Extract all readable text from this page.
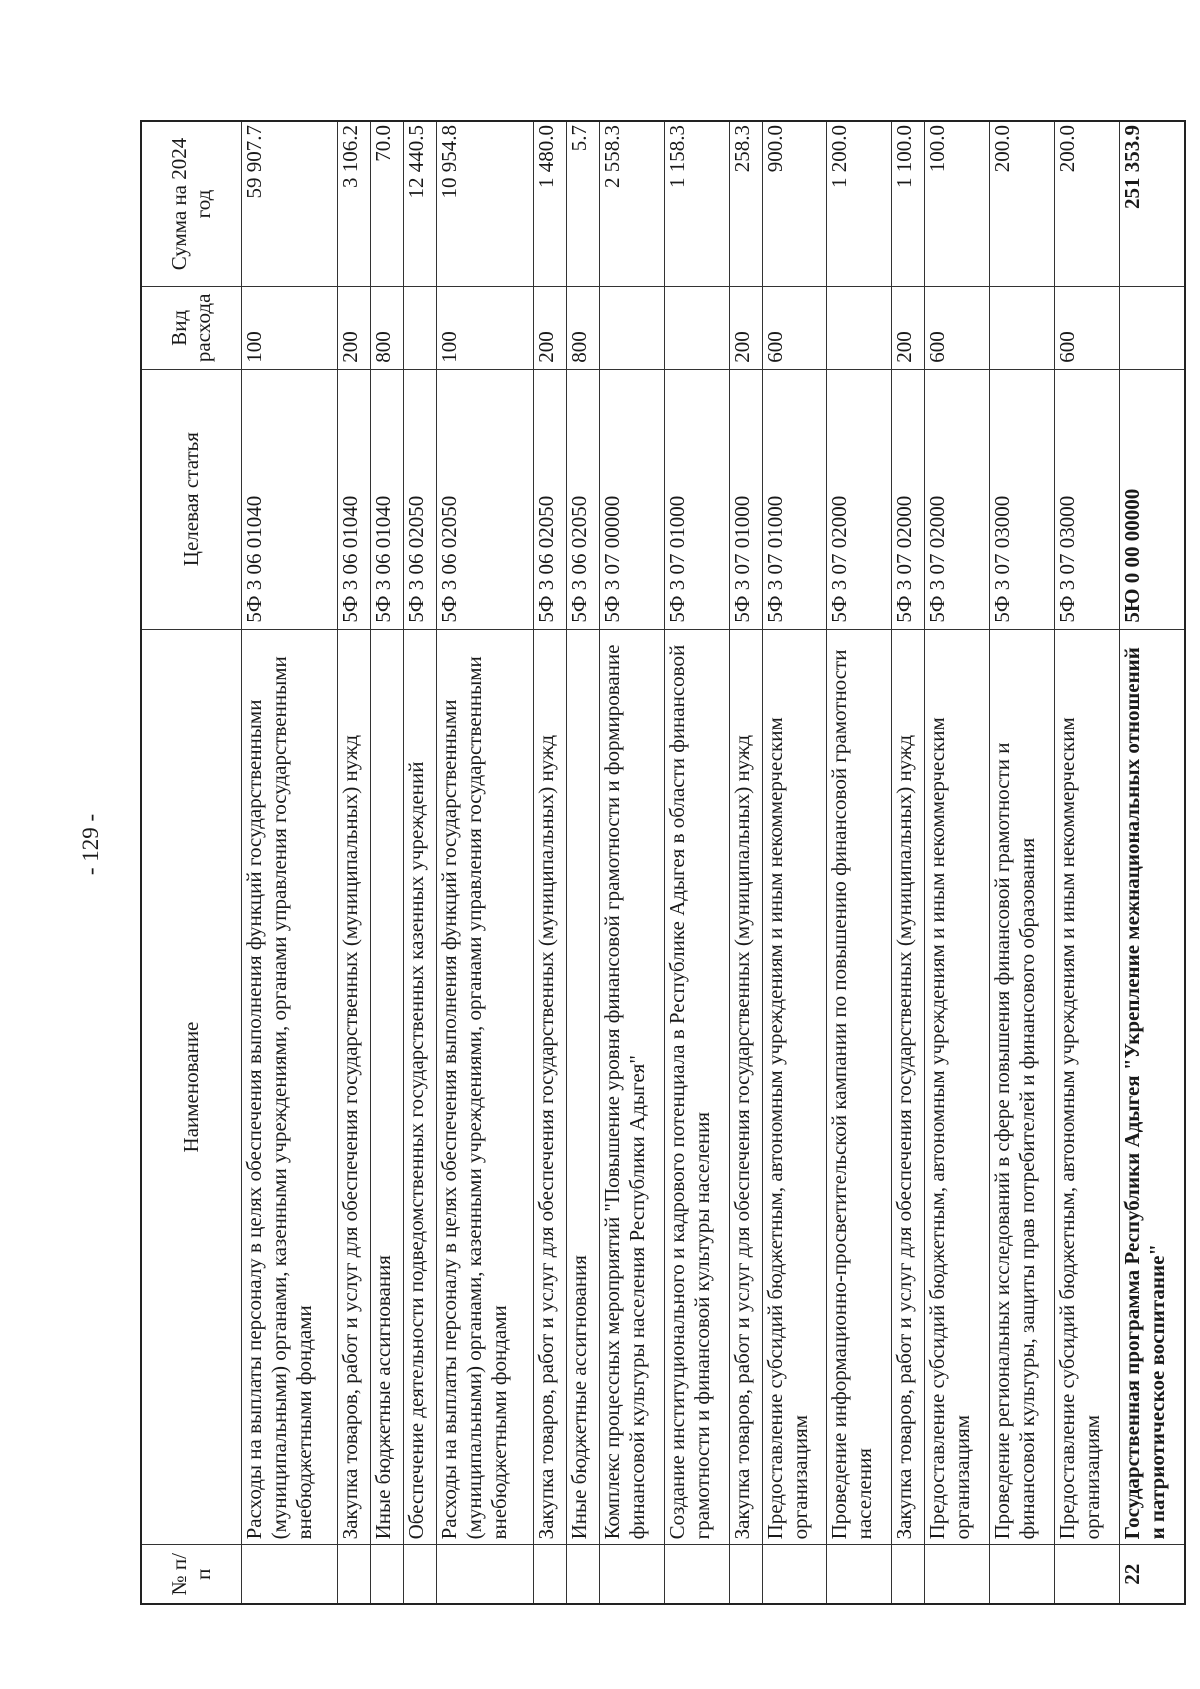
- 129 -
№ п/п	Наименование	Целевая статья	Вид расхода	Сумма на 2024 год
	Расходы на выплаты персоналу в целях обеспечения выполнения функций государственными (муниципальными) органами, казенными учреждениями, органами управления государственными внебюджетными фондами	5Ф 3 06 01040	100	59 907.7
	Закупка товаров, работ и услуг для обеспечения государственных (муниципальных) нужд	5Ф 3 06 01040	200	3 106.2
	Иные бюджетные ассигнования	5Ф 3 06 01040	800	70.0
	Обеспечение деятельности подведомственных государственных казенных учреждений	5Ф 3 06 02050		12 440.5
	Расходы на выплаты персоналу в целях обеспечения выполнения функций государственными (муниципальными) органами, казенными учреждениями, органами управления государственными внебюджетными фондами	5Ф 3 06 02050	100	10 954.8
	Закупка товаров, работ и услуг для обеспечения государственных (муниципальных) нужд	5Ф 3 06 02050	200	1 480.0
	Иные бюджетные ассигнования	5Ф 3 06 02050	800	5.7
	Комплекс процессных мероприятий "Повышение уровня финансовой грамотности и формирование финансовой культуры населения Республики Адыгея"	5Ф 3 07 00000		2 558.3
	Создание институционального и кадрового потенциала в Республике Адыгея в области финансовой грамотности и финансовой культуры населения	5Ф 3 07 01000		1 158.3
	Закупка товаров, работ и услуг для обеспечения государственных (муниципальных) нужд	5Ф 3 07 01000	200	258.3
	Предоставление субсидий бюджетным, автономным учреждениям и иным некоммерческим организациям	5Ф 3 07 01000	600	900.0
	Проведение информационно-просветительской кампании по повышению финансовой грамотности населения	5Ф 3 07 02000		1 200.0
	Закупка товаров, работ и услуг для обеспечения государственных (муниципальных) нужд	5Ф 3 07 02000	200	1 100.0
	Предоставление субсидий бюджетным, автономным учреждениям и иным некоммерческим организациям	5Ф 3 07 02000	600	100.0
	Проведение региональных исследований в сфере повышения финансовой грамотности и финансовой культуры, защиты прав потребителей и финансового образования	5Ф 3 07 03000		200.0
	Предоставление субсидий бюджетным, автономным учреждениям и иным некоммерческим организациям	5Ф 3 07 03000	600	200.0
22	Государственная программа Республики Адыгея "Укрепление межнациональных отношений и патриотическое воспитание"	5Ю 0 00 00000		251 353.9
